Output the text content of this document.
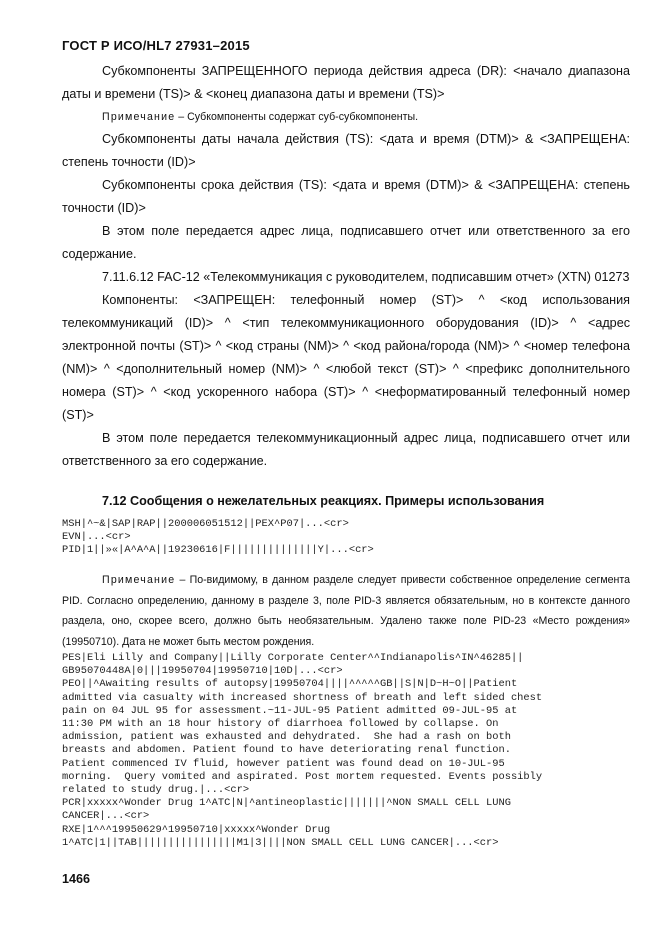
ГОСТ Р ИСО/HL7 27931–2015

Субкомпоненты ЗАПРЕЩЕННОГО периода действия адреса (DR): <начало диапазона даты и времени (TS)> & <конец диапазона даты и времени (TS)>

Примечание – Субкомпоненты содержат суб-субкомпоненты.

Субкомпоненты даты начала действия (TS): <дата и время (DTM)> & <ЗАПРЕЩЕНА: степень точности (ID)>

Субкомпоненты срока действия (TS): <дата и время (DTM)> & <ЗАПРЕЩЕНА: степень точности (ID)>

В этом поле передается адрес лица, подписавшего отчет или ответственного за его содержание.

7.11.6.12 FAC-12 «Телекоммуникация с руководителем, подписавшим отчет» (XTN) 01273

Компоненты: <ЗАПРЕЩЕН: телефонный номер (ST)> ^ <код использования телекоммуникаций (ID)> ^ <тип телекоммуникационного оборудования (ID)> ^ <адрес электронной почты (ST)> ^ <код страны (NM)> ^ <код района/города (NM)> ^ <номер телефона (NM)> ^ <дополнительный номер (NM)> ^ <любой текст (ST)> ^ <префикс дополнительного номера (ST)> ^ <код ускоренного набора (ST)> ^ <неформатированный телефонный номер (ST)>

В этом поле передается телекоммуникационный адрес лица, подписавшего отчет или ответственного за его содержание.

7.12 Сообщения о нежелательных реакциях. Примеры использования
MSH|^~&|SAP|RAP||200006051512||PEX^P07|...<cr>
EVN|...<cr>
PID|1||»«|A^A^A||19230616|F||||||||||||||Y|...<cr>

Примечание – По-видимому, в данном разделе следует привести собственное определение сегмента PID. Согласно определению, данному в разделе 3, поле PID-3 является обязательным, но в контексте данного раздела, оно, скорее всего, должно быть необязательным. Удалено также поле PID-23 «Место рождения» (19950710). Дата не может быть местом рождения.

PES|Eli Lilly and Company||Lilly Corporate Center^^Indianapolis^IN^46285||
GB95070448A|0|||19950704|19950710|10D|...<cr>
PEO||^Awaiting results of autopsy|19950704||||^^^^^GB||S|N|D~H~O||Patient
admitted via casualty with increased shortness of breath and left sided chest
pain on 04 JUL 95 for assessment.~11-JUL-95 Patient admitted 09-JUL-95 at
11:30 PM with an 18 hour history of diarrhoea followed by collapse. On
admission, patient was exhausted and dehydrated.  She had a rash on both
breasts and abdomen. Patient found to have deteriorating renal function.
Patient commenced IV fluid, however patient was found dead on 10-JUL-95
morning.  Query vomited and aspirated. Post mortem requested. Events possibly
related to study drug.|...<cr>
PCR|xxxxx^Wonder Drug 1^ATC|N|^antineoplastic|||||||^NON SMALL CELL LUNG
CANCER|...<cr>
RXE|1^^^19950629^19950710|xxxxx^Wonder Drug
1^ATC|1||TAB||||||||||||||||M1|3||||NON SMALL CELL LUNG CANCER|...<cr>
1466
